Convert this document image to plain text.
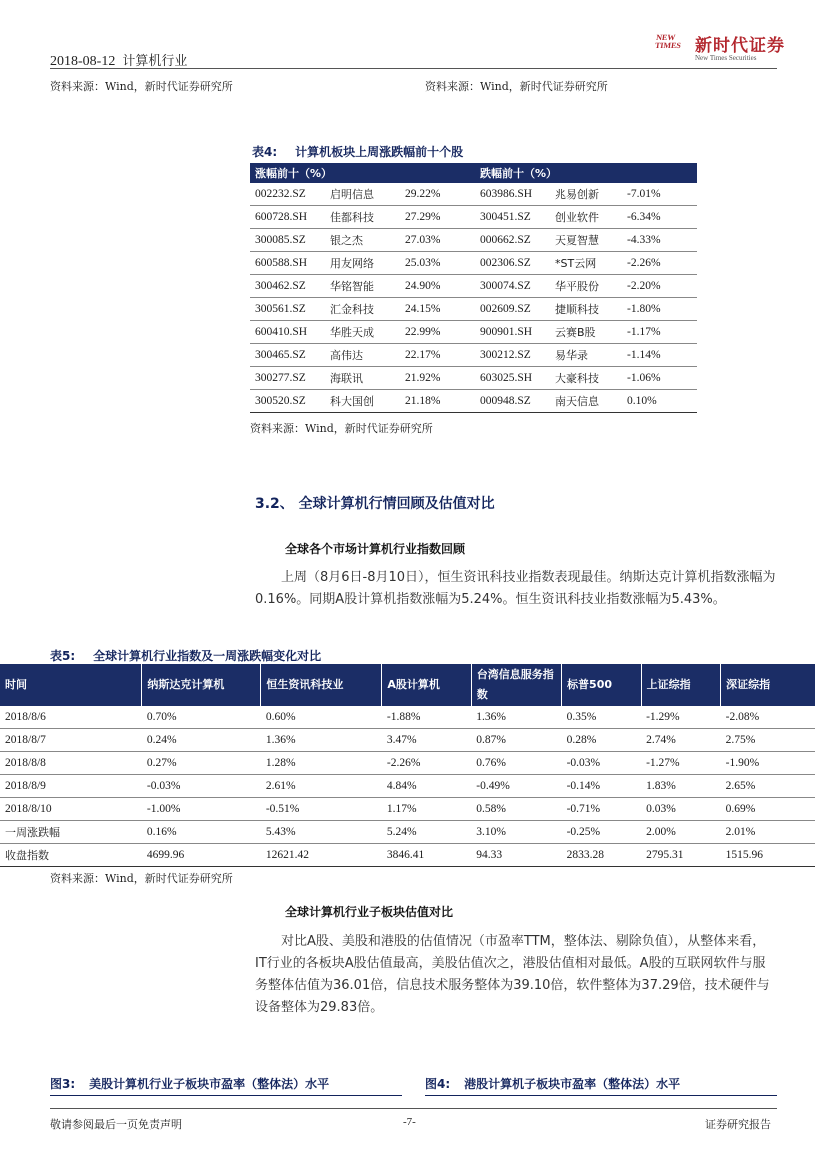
2018-08-12 计算机行业
NEW TIMES 新时代证券
New Times Securities
资料来源：Wind，新时代证券研究所	资料来源：Wind，新时代证券研究所
表4: 计算机板块上周涨跌幅前十个股
涨幅前十（%）			跌幅前十（%）		
002232.SZ	启明信息	29.22%	603986.SH	兆易创新	-7.01%
600728.SH	佳都科技	27.29%	300451.SZ	创业软件	-6.34%
300085.SZ	银之杰	27.03%	000662.SZ	天夏智慧	-4.33%
600588.SH	用友网络	25.03%	002306.SZ	*ST云网	-2.26%
300462.SZ	华铭智能	24.90%	300074.SZ	华平股份	-2.20%
300561.SZ	汇金科技	24.15%	002609.SZ	捷顺科技	-1.80%
600410.SH	华胜天成	22.99%	900901.SH	云赛B股	-1.17%
300465.SZ	高伟达	22.17%	300212.SZ	易华录	-1.14%
300277.SZ	海联讯	21.92%	603025.SH	大豪科技	-1.06%
300520.SZ	科大国创	21.18%	000948.SZ	南天信息	0.10%
资料来源：Wind，新时代证券研究所
3.2、 全球计算机行情回顾及估值对比
全球各个市场计算机行业指数回顾
上周（8月6日-8月10日），恒生资讯科技业指数表现最佳。纳斯达克计算机指数涨幅为0.16%。同期A股计算机指数涨幅为5.24%。恒生资讯科技业指数涨幅为5.43%。
表5: 全球计算机行业指数及一周涨跌幅变化对比
时间	纳斯达克计算机	恒生资讯科技业	A股计算机	台湾信息服务指数	标普500	上证综指	深证综指
2018/8/6	0.70%	0.60%	-1.88%	1.36%	0.35%	-1.29%	-2.08%
2018/8/7	0.24%	1.36%	3.47%	0.87%	0.28%	2.74%	2.75%
2018/8/8	0.27%	1.28%	-2.26%	0.76%	-0.03%	-1.27%	-1.90%
2018/8/9	-0.03%	2.61%	4.84%	-0.49%	-0.14%	1.83%	2.65%
2018/8/10	-1.00%	-0.51%	1.17%	0.58%	-0.71%	0.03%	0.69%
一周涨跌幅	0.16%	5.43%	5.24%	3.10%	-0.25%	2.00%	2.01%
收盘指数	4699.96	12621.42	3846.41	94.33	2833.28	2795.31	1515.96
资料来源：Wind，新时代证券研究所
全球计算机行业子板块估值对比
对比A股、美股和港股的估值情况（市盈率TTM，整体法、剔除负值），从整体来看，IT行业的各板块A股估值最高，美股估值次之，港股估值相对最低。A股的互联网软件与服务整体估值为36.01倍，信息技术服务整体为39.10倍，软件整体为37.29倍，技术硬件与设备整体为29.83倍。
图3: 美股计算机行业子板块市盈率（整体法）水平	图4: 港股计算机子板块市盈率（整体法）水平
敬请参阅最后一页免责声明	-7-	证券研究报告
